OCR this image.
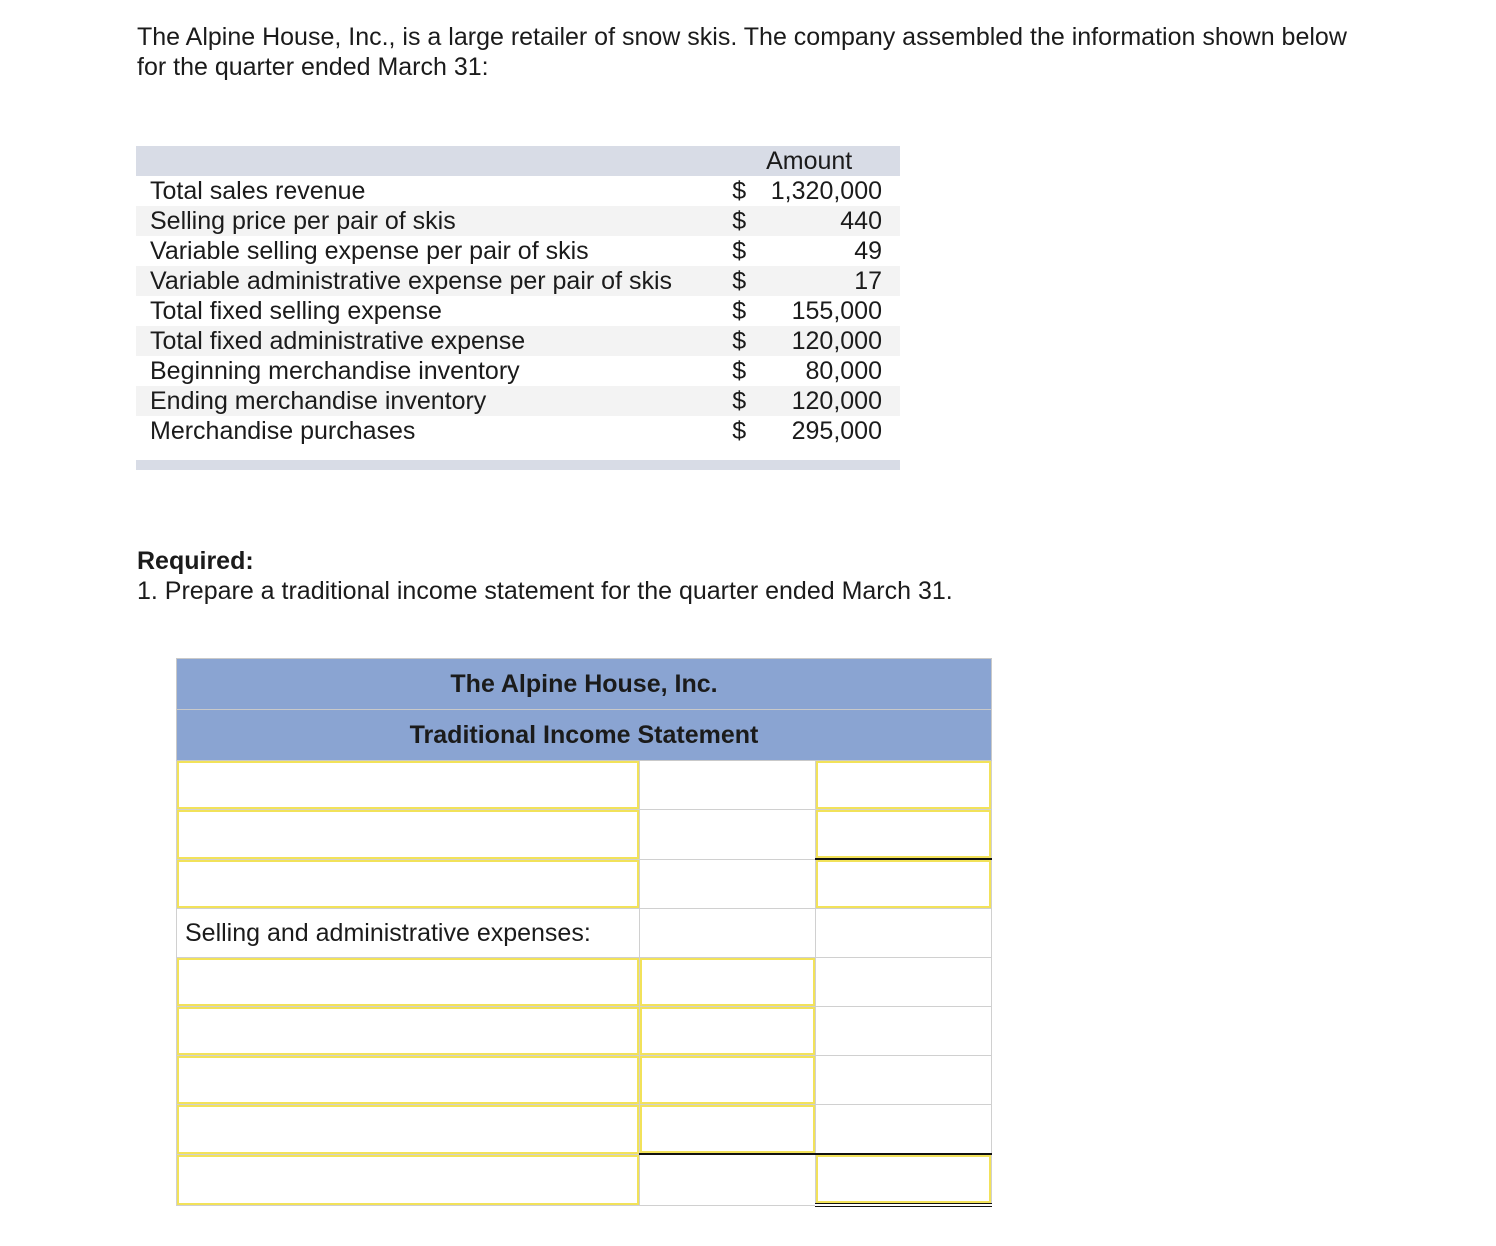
The Alpine House, Inc., is a large retailer of snow skis. The company assembled the information shown below for the quarter ended March 31:

	Amount	
Total sales revenue	$	1,320,000
Selling price per pair of skis	$	440
Variable selling expense per pair of skis	$	49
Variable administrative expense per pair of skis	$	17
Total fixed selling expense	$	155,000
Total fixed administrative expense	$	120,000
Beginning merchandise inventory	$	80,000
Ending merchandise inventory	$	120,000
Merchandise purchases	$	295,000

Required:
1. Prepare a traditional income statement for the quarter ended March 31.
The Alpine House, Inc.		
Traditional Income Statement		

Selling and administrative expenses:		
